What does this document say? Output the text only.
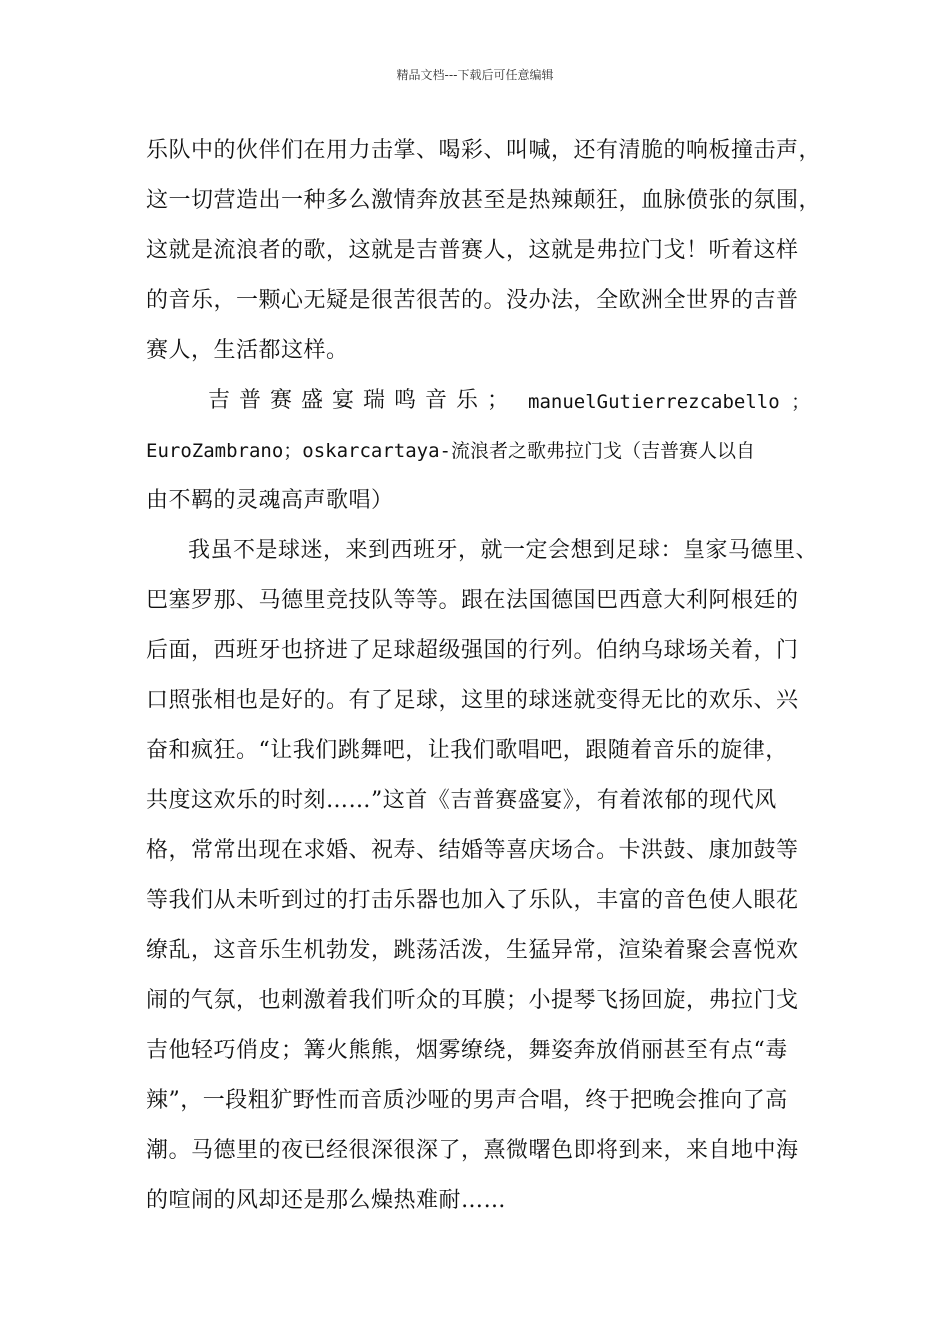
精品文档---下载后可任意编辑
乐队中的伙伴们在用力击掌、喝彩、叫喊，还有清脆的响板撞击声，
这一切营造出一种多么激情奔放甚至是热辣颠狂，血脉偾张的氛围，
这就是流浪者的歌，这就是吉普赛人，这就是弗拉门戈！听着这样
的音乐，一颗心无疑是很苦很苦的。没办法，全欧洲全世界的吉普
赛人，生活都这样。
吉普赛盛宴瑞鸣音乐； manuelGutierrezcabello ；
EuroZambrano；oskarcartaya-流浪者之歌弗拉门戈（吉普赛人以自
由不羁的灵魂高声歌唱）
我虽不是球迷，来到西班牙，就一定会想到足球：皇家马德里、
巴塞罗那、马德里竞技队等等。跟在法国德国巴西意大利阿根廷的
后面，西班牙也挤进了足球超级强国的行列。伯纳乌球场关着，门
口照张相也是好的。有了足球，这里的球迷就变得无比的欢乐、兴
奋和疯狂。“让我们跳舞吧，让我们歌唱吧，跟随着音乐的旋律，
共度这欢乐的时刻……”这首《吉普赛盛宴》，有着浓郁的现代风
格，常常出现在求婚、祝寿、结婚等喜庆场合。卡洪鼓、康加鼓等
等我们从未听到过的打击乐器也加入了乐队，丰富的音色使人眼花
缭乱，这音乐生机勃发，跳荡活泼，生猛异常，渲染着聚会喜悦欢
闹的气氛，也刺激着我们听众的耳膜；小提琴飞扬回旋，弗拉门戈
吉他轻巧俏皮；篝火熊熊，烟雾缭绕，舞姿奔放俏丽甚至有点“毒
辣”，一段粗犷野性而音质沙哑的男声合唱，终于把晚会推向了高
潮。马德里的夜已经很深很深了，熹微曙色即将到来，来自地中海
的喧闹的风却还是那么燥热难耐……
